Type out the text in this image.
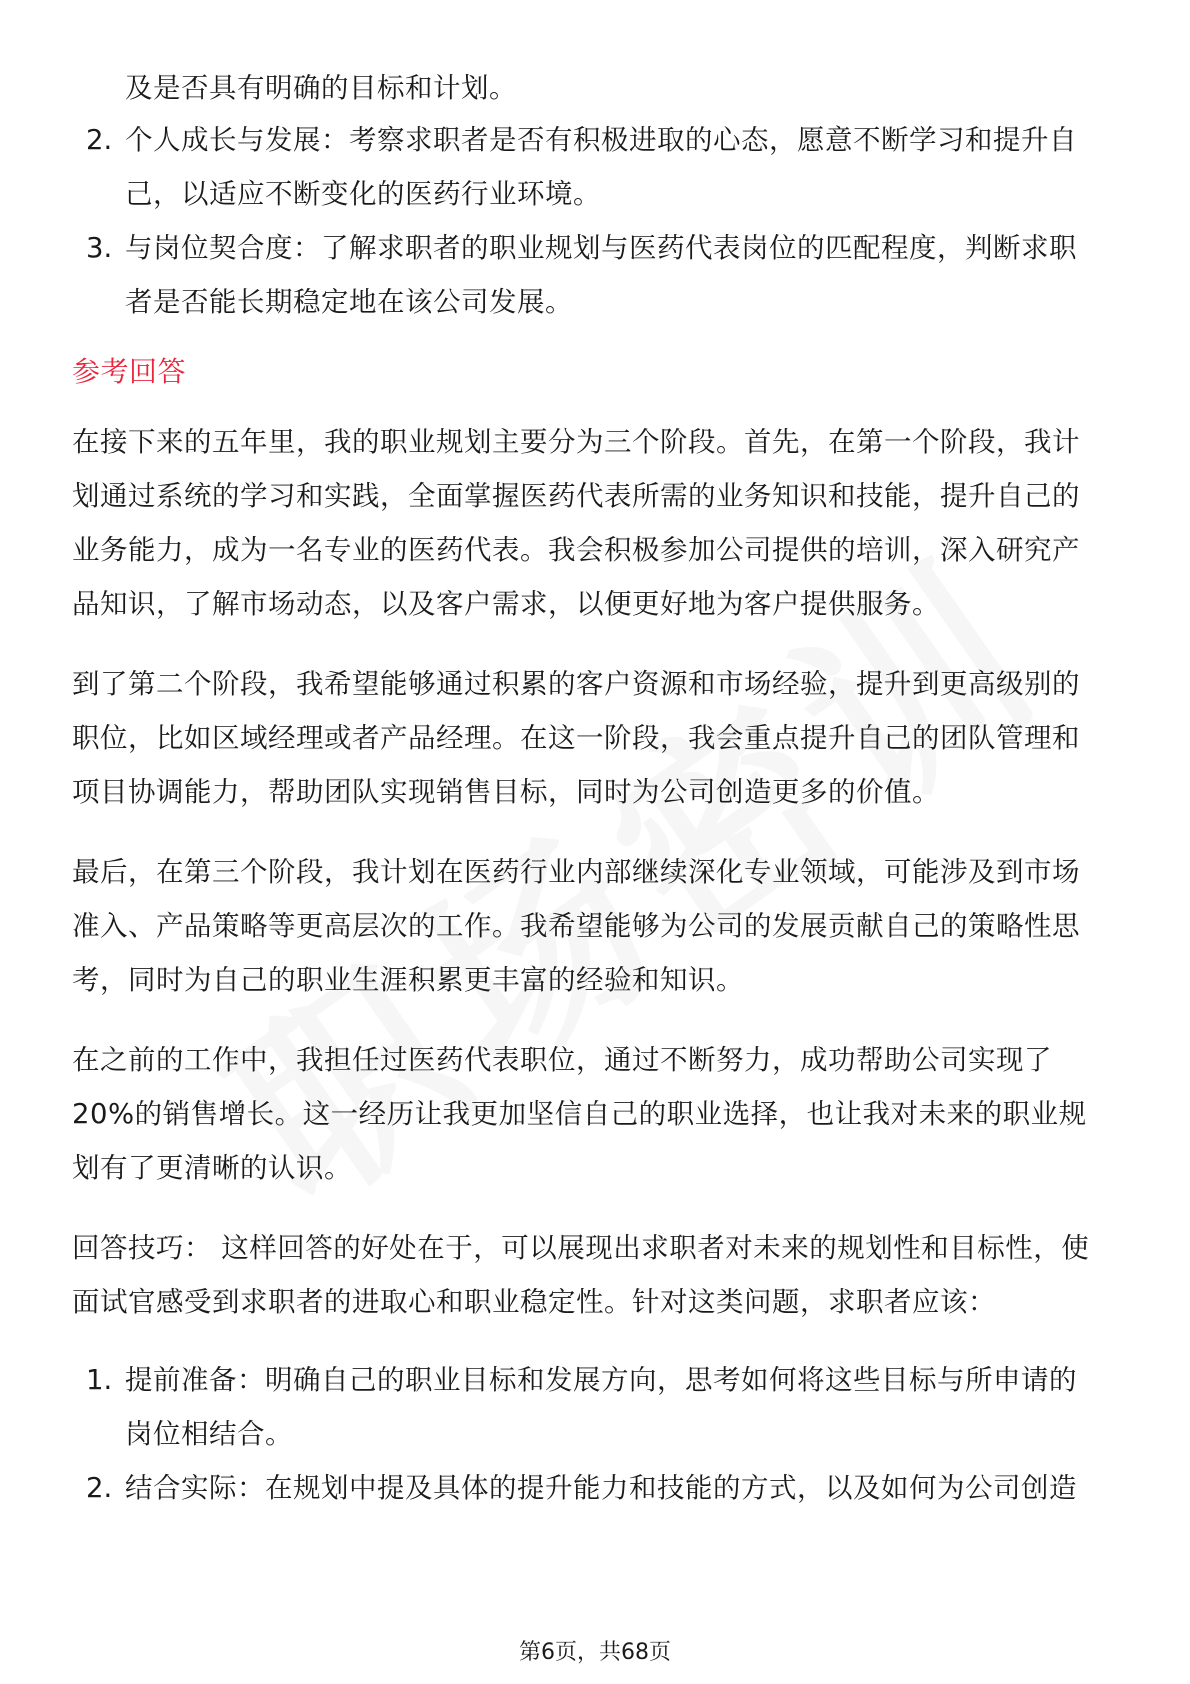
及是否具有明确的目标和计划。
2. 个人成长与发展：考察求职者是否有积极进取的心态，愿意不断学习和提升自
己，以适应不断变化的医药行业环境。
3. 与岗位契合度：了解求职者的职业规划与医药代表岗位的匹配程度，判断求职
者是否能长期稳定地在该公司发展。
参考回答
在接下来的五年里，我的职业规划主要分为三个阶段。首先，在第一个阶段，我计
划通过系统的学习和实践，全面掌握医药代表所需的业务知识和技能，提升自己的
业务能力，成为一名专业的医药代表。我会积极参加公司提供的培训，深入研究产
品知识，了解市场动态，以及客户需求，以便更好地为客户提供服务。
到了第二个阶段，我希望能够通过积累的客户资源和市场经验，提升到更高级别的
职位，比如区域经理或者产品经理。在这一阶段，我会重点提升自己的团队管理和
项目协调能力，帮助团队实现销售目标，同时为公司创造更多的价值。
最后，在第三个阶段，我计划在医药行业内部继续深化专业领域，可能涉及到市场
准入、产品策略等更高层次的工作。我希望能够为公司的发展贡献自己的策略性思
考，同时为自己的职业生涯积累更丰富的经验和知识。
在之前的工作中，我担任过医药代表职位，通过不断努力，成功帮助公司实现了
20%的销售增长。这一经历让我更加坚信自己的职业选择，也让我对未来的职业规
划有了更清晰的认识。
回答技巧： 这样回答的好处在于，可以展现出求职者对未来的规划性和目标性，使
面试官感受到求职者的进取心和职业稳定性。针对这类问题，求职者应该：
1. 提前准备：明确自己的职业目标和发展方向，思考如何将这些目标与所申请的
岗位相结合。
2. 结合实际：在规划中提及具体的提升能力和技能的方式，以及如何为公司创造
第6页，共68页
